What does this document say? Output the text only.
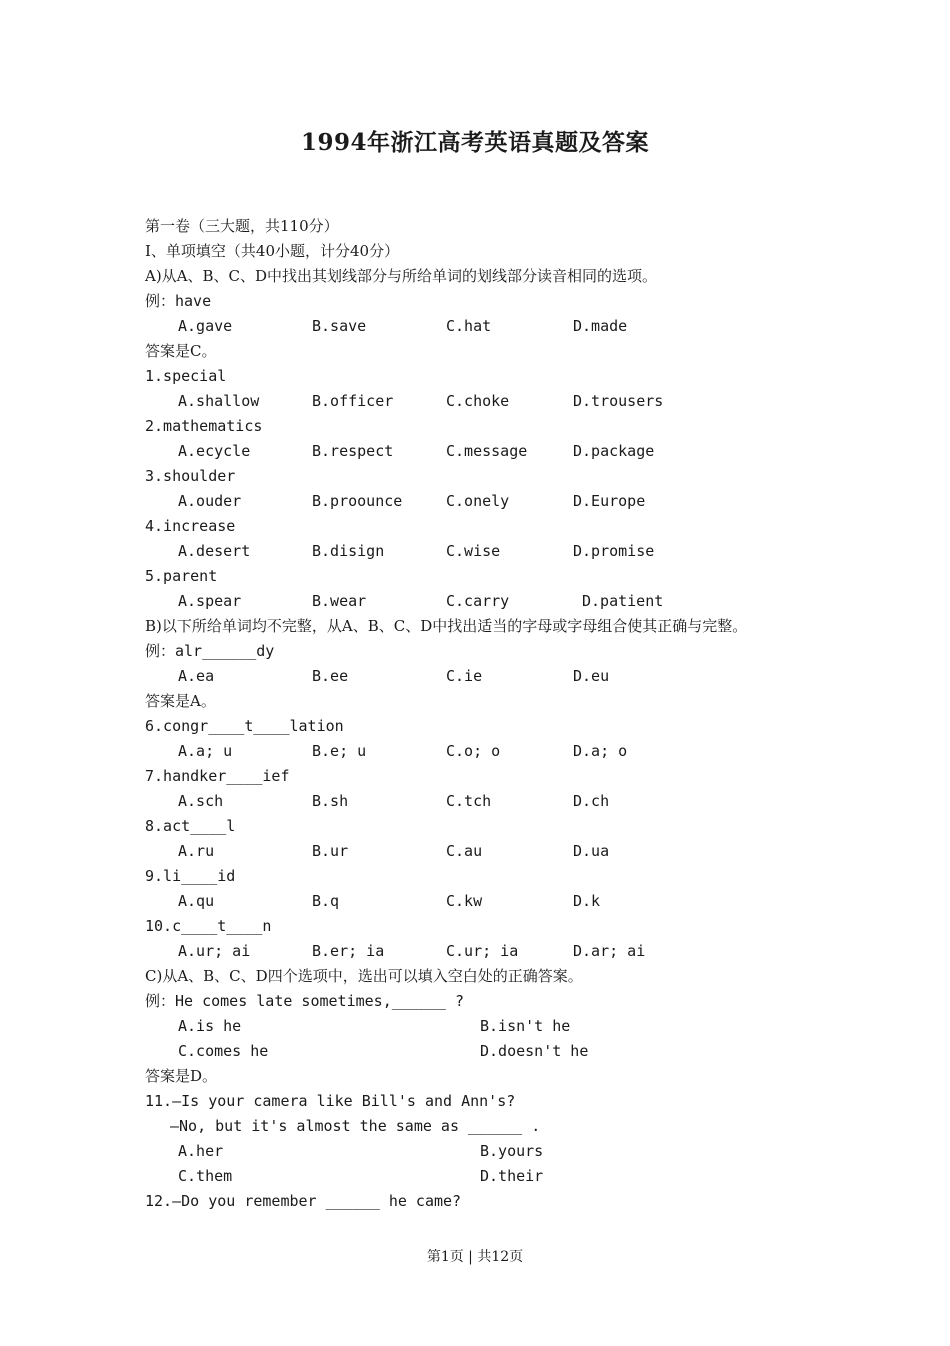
1994年浙江高考英语真题及答案
第一卷（三大题，共110分）
I、单项填空（共40小题，计分40分）
A)从A、B、C、D中找出其划线部分与所给单词的划线部分读音相同的选项。
例：have
A.gave	B.save	C.hat	D.made
答案是C。
1.special
A.shallow	B.officer	C.choke	D.trousers
2.mathematics
A.ecycle	B.respect	C.message	D.package
3.shoulder
A.ouder	B.proounce	C.onely	D.Europe
4.increase
A.desert	B.disign	C.wise	D.promise
5.parent
A.spear	B.wear	C.carry	D.patient
B)以下所给单词均不完整，从A、B、C、D中找出适当的字母或字母组合使其正确与完整。
例：alr______dy
A.ea	B.ee	C.ie	D.eu
答案是A。
6.congr____t____lation
A.a; u	B.e; u	C.o; o	D.a; o
7.handker____ief
A.sch	B.sh	C.tch	D.ch
8.act____l
A.ru	B.ur	C.au	D.ua
9.li____id
A.qu	B.q	C.kw	D.k
10.c____t____n
A.ur; ai	B.er; ia	C.ur; ia	D.ar; ai
C)从A、B、C、D四个选项中，选出可以填入空白处的正确答案。
例：He comes late sometimes,______ ?
A.is he	B.isn't he
C.comes he	D.doesn't he
答案是D。
11.—Is your camera like Bill's and Ann's?
—No, but it's almost the same as ______ .
A.her	B.yours
C.them	D.their
12.—Do you remember ______ he came?
第1页 | 共12页
